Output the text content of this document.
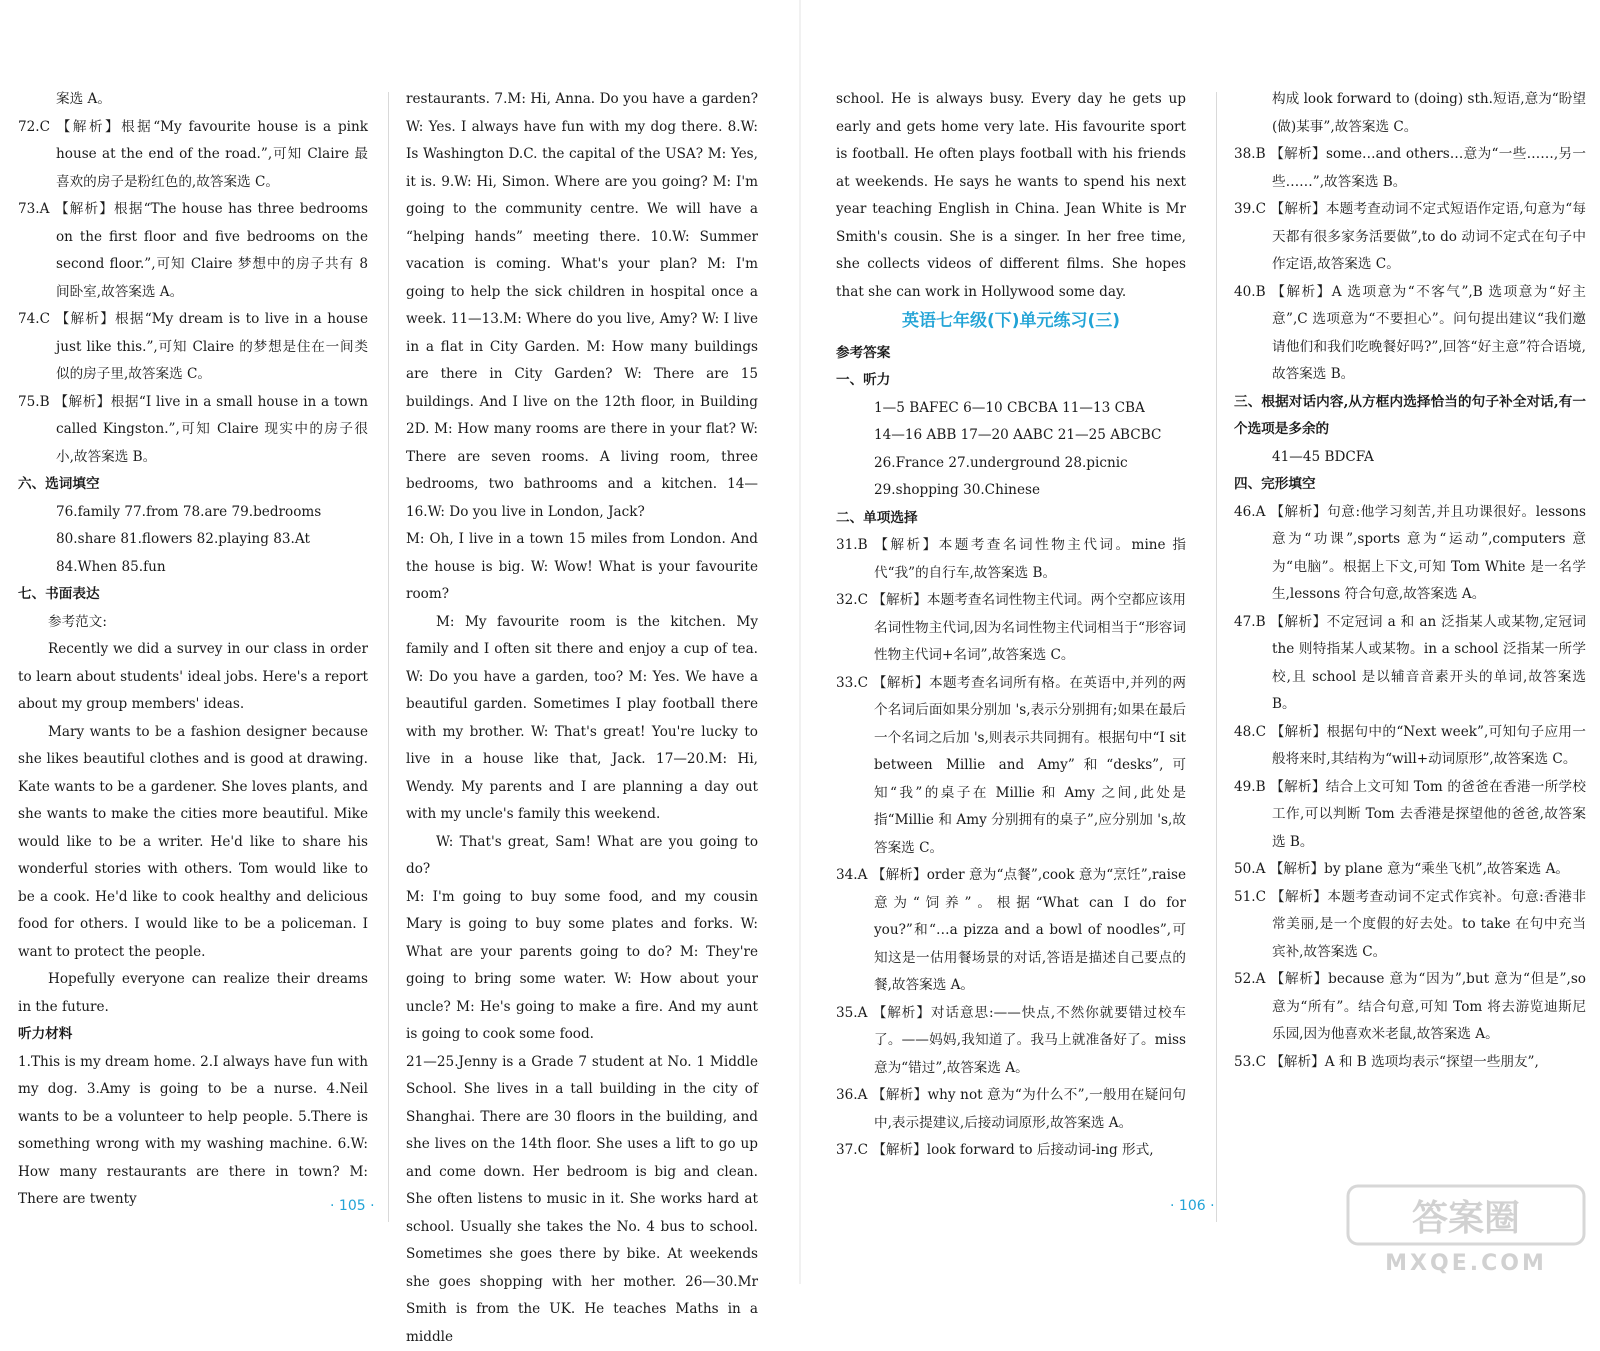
案选 A。

72.C 【解析】根据“My favourite house is a pink house at the end of the road.”,可知 Claire 最喜欢的房子是粉红色的,故答案选 C。

73.A 【解析】根据“The house has three bedrooms on the first floor and five bedrooms on the second floor.”,可知 Claire 梦想中的房子共有 8 间卧室,故答案选 A。

74.C 【解析】根据“My dream is to live in a house just like this.”,可知 Claire 的梦想是住在一间类似的房子里,故答案选 C。

75.B 【解析】根据“I live in a small house in a town called Kingston.”,可知 Claire 现实中的房子很小,故答案选 B。

六、选词填空

76.family 77.from 78.are 79.bedrooms

80.share 81.flowers 82.playing 83.At

84.When 85.fun

七、书面表达

参考范文:

Recently we did a survey in our class in order to learn about students' ideal jobs. Here's a report about my group members' ideas.

Mary wants to be a fashion designer because she likes beautiful clothes and is good at drawing. Kate wants to be a gardener. She loves plants, and she wants to make the cities more beautiful. Mike would like to be a writer. He'd like to share his wonderful stories with others. Tom would like to be a cook. He'd like to cook healthy and delicious food for others. I would like to be a policeman. I want to protect the people.

Hopefully everyone can realize their dreams in the future.

听力材料

1.This is my dream home. 2.I always have fun with my dog. 3.Amy is going to be a nurse. 4.Neil wants to be a volunteer to help people. 5.There is something wrong with my washing machine. 6.W: How many restaurants are there in town? M: There are twenty

restaurants. 7.M: Hi, Anna. Do you have a garden? W: Yes. I always have fun with my dog there. 8.W: Is Washington D.C. the capital of the USA? M: Yes, it is. 9.W: Hi, Simon. Where are you going? M: I'm going to the community centre. We will have a “helping hands” meeting there. 10.W: Summer vacation is coming. What's your plan? M: I'm going to help the sick children in hospital once a week. 11—13.M: Where do you live, Amy? W: I live in a flat in City Garden. M: How many buildings are there in City Garden? W: There are 15 buildings. And I live on the 12th floor, in Building 2D. M: How many rooms are there in your flat? W: There are seven rooms. A living room, three bedrooms, two bathrooms and a kitchen. 14—16.W: Do you live in London, Jack?

M: Oh, I live in a town 15 miles from London. And the house is big. W: Wow! What is your favourite room?

M: My favourite room is the kitchen. My family and I often sit there and enjoy a cup of tea. W: Do you have a garden, too? M: Yes. We have a beautiful garden. Sometimes I play football there with my brother. W: That's great! You're lucky to live in a house like that, Jack. 17—20.M: Hi, Wendy. My parents and I are planning a day out with my uncle's family this weekend.

W: That's great, Sam! What are you going to do?

M: I'm going to buy some food, and my cousin Mary is going to buy some plates and forks. W: What are your parents going to do? M: They're going to bring some water. W: How about your uncle? M: He's going to make a fire. And my aunt is going to cook some food.

21—25.Jenny is a Grade 7 student at No. 1 Middle School. She lives in a tall building in the city of Shanghai. There are 30 floors in the building, and she lives on the 14th floor. She uses a lift to go up and come down. Her bedroom is big and clean. She often listens to music in it. She works hard at school. Usually she takes the No. 4 bus to school. Sometimes she goes there by bike. At weekends she goes shopping with her mother. 26—30.Mr Smith is from the UK. He teaches Maths in a middle

· 105 ·

school. He is always busy. Every day he gets up early and gets home very late. His favourite sport is football. He often plays football with his friends at weekends. He says he wants to spend his next year teaching English in China. Jean White is Mr Smith's cousin. She is a singer. In her free time, she collects videos of different films. She hopes that she can work in Hollywood some day.

英语七年级(下)单元练习(三)

参考答案

一、听力

1—5 BAFEC 6—10 CBCBA 11—13 CBA

14—16 ABB 17—20 AABC 21—25 ABCBC

26.France 27.underground 28.picnic

29.shopping 30.Chinese

二、单项选择

31.B 【解析】本题考查名词性物主代词。mine 指代“我”的自行车,故答案选 B。

32.C 【解析】本题考查名词性物主代词。两个空都应该用名词性物主代词,因为名词性物主代词相当于“形容词性物主代词+名词”,故答案选 C。

33.C 【解析】本题考查名词所有格。在英语中,并列的两个名词后面如果分别加 's,表示分别拥有;如果在最后一个名词之后加 's,则表示共同拥有。根据句中“I sit between Millie and Amy”和“desks”,可知“我”的桌子在 Millie 和 Amy 之间,此处是指“Millie 和 Amy 分别拥有的桌子”,应分别加 's,故答案选 C。

34.A 【解析】order 意为“点餐”,cook 意为“烹饪”,raise 意为“饲养”。根据“What can I do for you?”和“…a pizza and a bowl of noodles”,可知这是一估用餐场景的对话,答语是描述自己要点的餐,故答案选 A。

35.A 【解析】对话意思:——快点,不然你就要错过校车了。——妈妈,我知道了。我马上就准备好了。miss 意为“错过”,故答案选 A。

36.A 【解析】why not 意为“为什么不”,一般用在疑问句中,表示提建议,后接动词原形,故答案选 A。

37.C 【解析】look forward to 后接动词-ing 形式,

构成 look forward to (doing) sth.短语,意为“盼望(做)某事”,故答案选 C。

38.B 【解析】some…and others…意为“一些……,另一些……”,故答案选 B。

39.C 【解析】本题考查动词不定式短语作定语,句意为“每天都有很多家务活要做”,to do 动词不定式在句子中作定语,故答案选 C。

40.B 【解析】A 选项意为“不客气”,B 选项意为“好主意”,C 选项意为“不要担心”。问句提出建议“我们邀请他们和我们吃晚餐好吗?”,回答“好主意”符合语境,故答案选 B。

三、根据对话内容,从方框内选择恰当的句子补全对话,有一个选项是多余的

41—45 BDCFA

四、完形填空

46.A 【解析】句意:他学习刻苦,并且功课很好。lessons 意为“功课”,sports 意为“运动”,computers 意为“电脑”。根据上下文,可知 Tom White 是一名学生,lessons 符合句意,故答案选 A。

47.B 【解析】不定冠词 a 和 an 泛指某人或某物,定冠词 the 则特指某人或某物。in a school 泛指某一所学校,且 school 是以辅音音素开头的单词,故答案选 B。

48.C 【解析】根据句中的“Next week”,可知句子应用一般将来时,其结构为“will+动词原形”,故答案选 C。

49.B 【解析】结合上文可知 Tom 的爸爸在香港一所学校工作,可以判断 Tom 去香港是探望他的爸爸,故答案选 B。

50.A 【解析】by plane 意为“乘坐飞机”,故答案选 A。

51.C 【解析】本题考查动词不定式作宾补。句意:香港非常美丽,是一个度假的好去处。to take 在句中充当宾补,故答案选 C。

52.A 【解析】because 意为“因为”,but 意为“但是”,so 意为“所有”。结合句意,可知 Tom 将去游览迪斯尼乐园,因为他喜欢米老鼠,故答案选 A。

53.C 【解析】A 和 B 选项均表示“探望一些朋友”,

· 106 ·	答案圈
MXQE.COM
